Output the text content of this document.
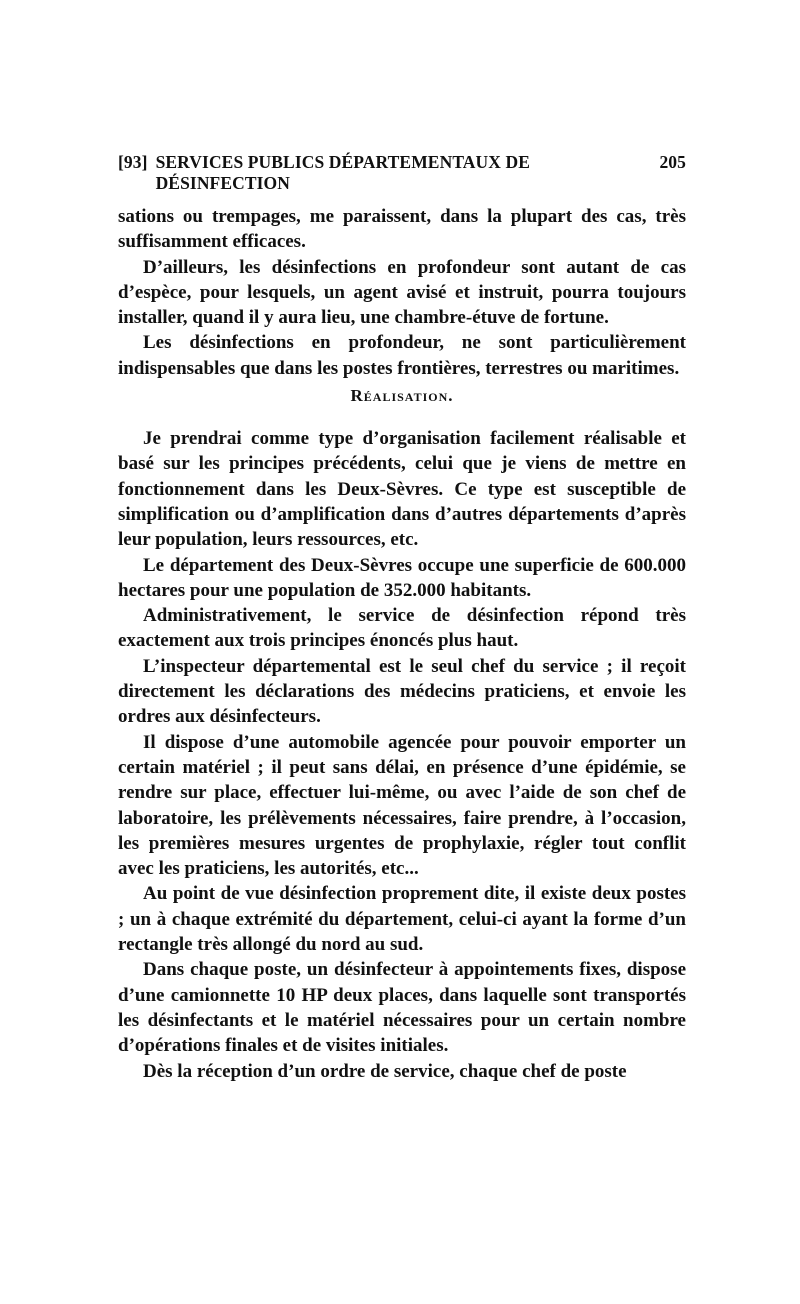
[93] SERVICES PUBLICS DÉPARTEMENTAUX DE DÉSINFECTION
205

sations ou trempages, me paraissent, dans la plupart des cas, très suffisamment efficaces.

D’ailleurs, les désinfections en profondeur sont autant de cas d’espèce, pour lesquels, un agent avisé et instruit, pourra toujours installer, quand il y aura lieu, une chambre-étuve de fortune.

Les désinfections en profondeur, ne sont particulièrement indispensables que dans les postes frontières, terrestres ou maritimes.

Réalisation.

Je prendrai comme type d’organisation facilement réalisable et basé sur les principes précédents, celui que je viens de mettre en fonctionnement dans les Deux-Sèvres. Ce type est susceptible de simplification ou d’amplification dans d’autres départements d’après leur population, leurs ressources, etc.

Le département des Deux-Sèvres occupe une superficie de 600.000 hectares pour une population de 352.000 habitants.

Administrativement, le service de désinfection répond très exactement aux trois principes énoncés plus haut.

L’inspecteur départemental est le seul chef du service ; il reçoit directement les déclarations des médecins praticiens, et envoie les ordres aux désinfecteurs.

Il dispose d’une automobile agencée pour pouvoir emporter un certain matériel ; il peut sans délai, en présence d’une épidémie, se rendre sur place, effectuer lui-même, ou avec l’aide de son chef de laboratoire, les prélèvements nécessaires, faire prendre, à l’occasion, les premières mesures urgentes de prophylaxie, régler tout conflit avec les praticiens, les autorités, etc...

Au point de vue désinfection proprement dite, il existe deux postes ; un à chaque extrémité du département, celui-ci ayant la forme d’un rectangle très allongé du nord au sud.

Dans chaque poste, un désinfecteur à appointements fixes, dispose d’une camionnette 10 HP deux places, dans laquelle sont transportés les désinfectants et le matériel nécessaires pour un certain nombre d’opérations finales et de visites initiales.

Dès la réception d’un ordre de service, chaque chef de poste
